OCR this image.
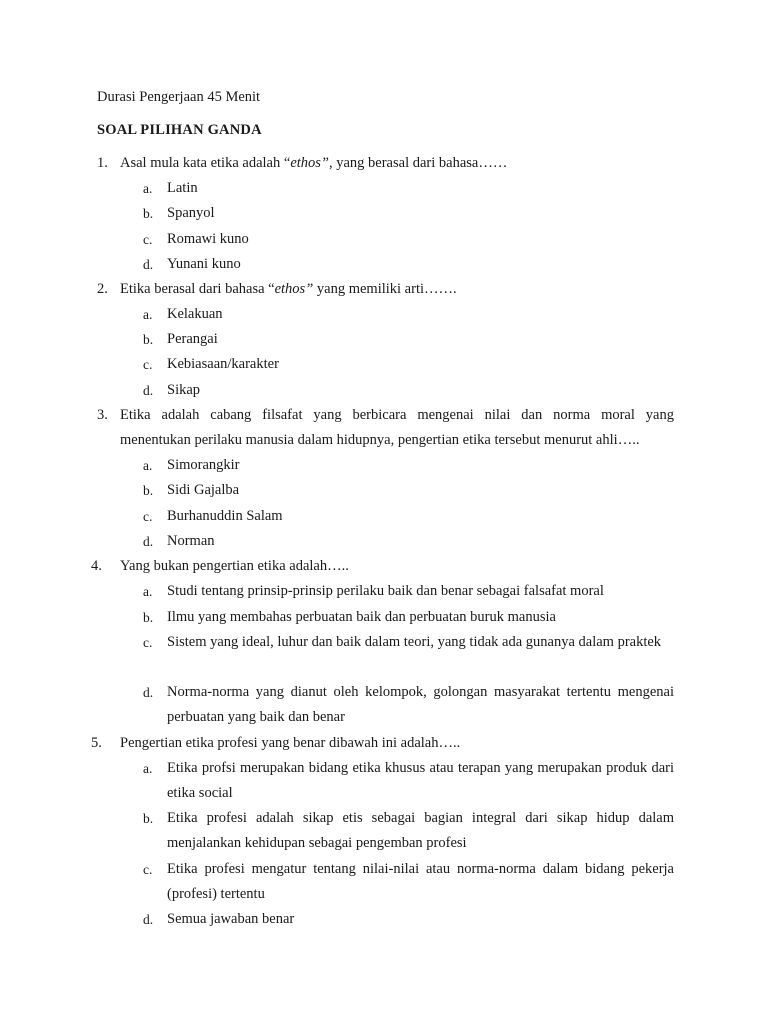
Durasi Pengerjaan 45 Menit
SOAL PILIHAN GANDA
1. Asal mula kata etika adalah “ethos”, yang berasal dari bahasa……
a. Latin
b. Spanyol
c. Romawi kuno
d. Yunani kuno
2. Etika berasal dari bahasa “ethos” yang memiliki arti…….
a. Kelakuan
b. Perangai
c. Kebiasaan/karakter
d. Sikap
3. Etika adalah cabang filsafat yang berbicara mengenai nilai dan norma moral yang
menentukan perilaku manusia dalam hidupnya, pengertian etika tersebut menurut ahli…..
a. Simorangkir
b. Sidi Gajalba
c. Burhanuddin Salam
d. Norman
4. Yang bukan pengertian etika adalah…..
a. Studi tentang prinsip-prinsip perilaku baik dan benar sebagai falsafat moral
b. Ilmu yang membahas perbuatan baik dan perbuatan buruk manusia
c. Sistem yang ideal, luhur dan baik dalam teori, yang tidak ada gunanya dalam praktek
d. Norma-norma yang dianut oleh kelompok, golongan masyarakat tertentu mengenai perbuatan yang baik dan benar
5. Pengertian etika profesi yang benar dibawah ini adalah…..
a. Etika profsi merupakan bidang etika khusus atau terapan yang merupakan produk dari etika social
b. Etika profesi adalah sikap etis sebagai bagian integral dari sikap hidup dalam menjalankan kehidupan sebagai pengemban profesi
c. Etika profesi mengatur tentang nilai-nilai atau norma-norma dalam bidang pekerja (profesi) tertentu
d. Semua jawaban benar
